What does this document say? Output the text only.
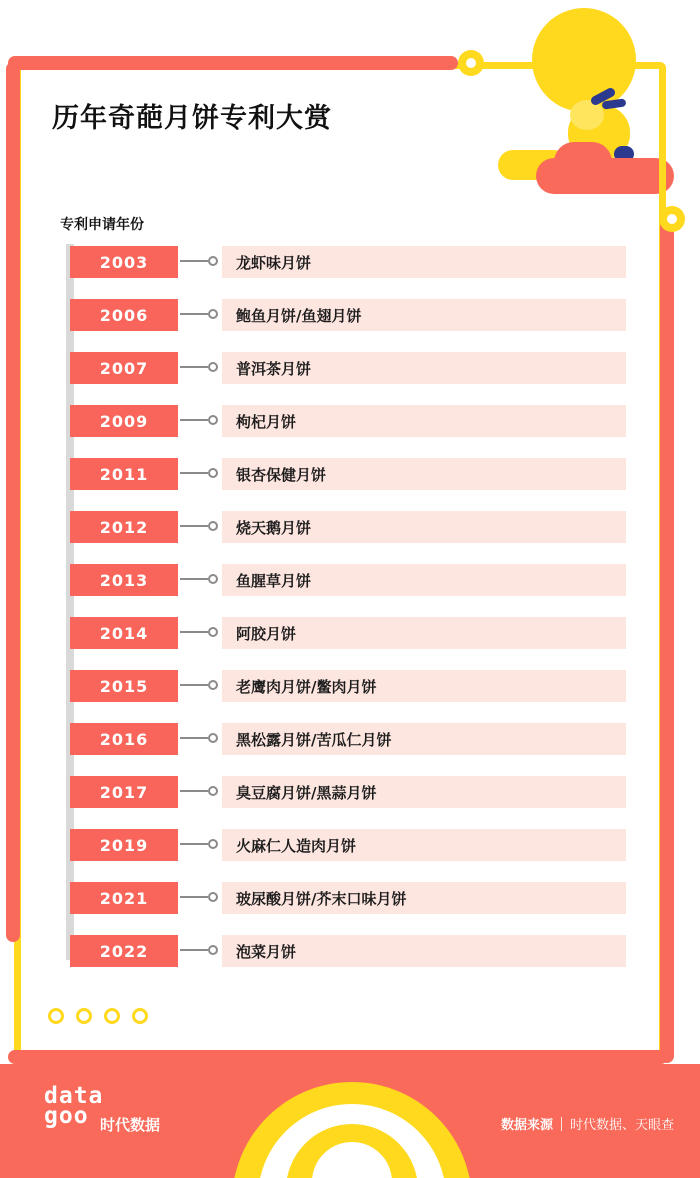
历年奇葩月饼专利大赏
专利申请年份
2003	龙虾味月饼
2006	鲍鱼月饼/鱼翅月饼
2007	普洱茶月饼
2009	枸杞月饼
2011	银杏保健月饼
2012	烧天鹅月饼
2013	鱼腥草月饼
2014	阿胶月饼
2015	老鹰肉月饼/鳖肉月饼
2016	黑松露月饼/苦瓜仁月饼
2017	臭豆腐月饼/黑蒜月饼
2019	火麻仁人造肉月饼
2021	玻尿酸月饼/芥末口味月饼
2022	泡菜月饼
data
goo 时代数据	数据来源 时代数据、天眼查
